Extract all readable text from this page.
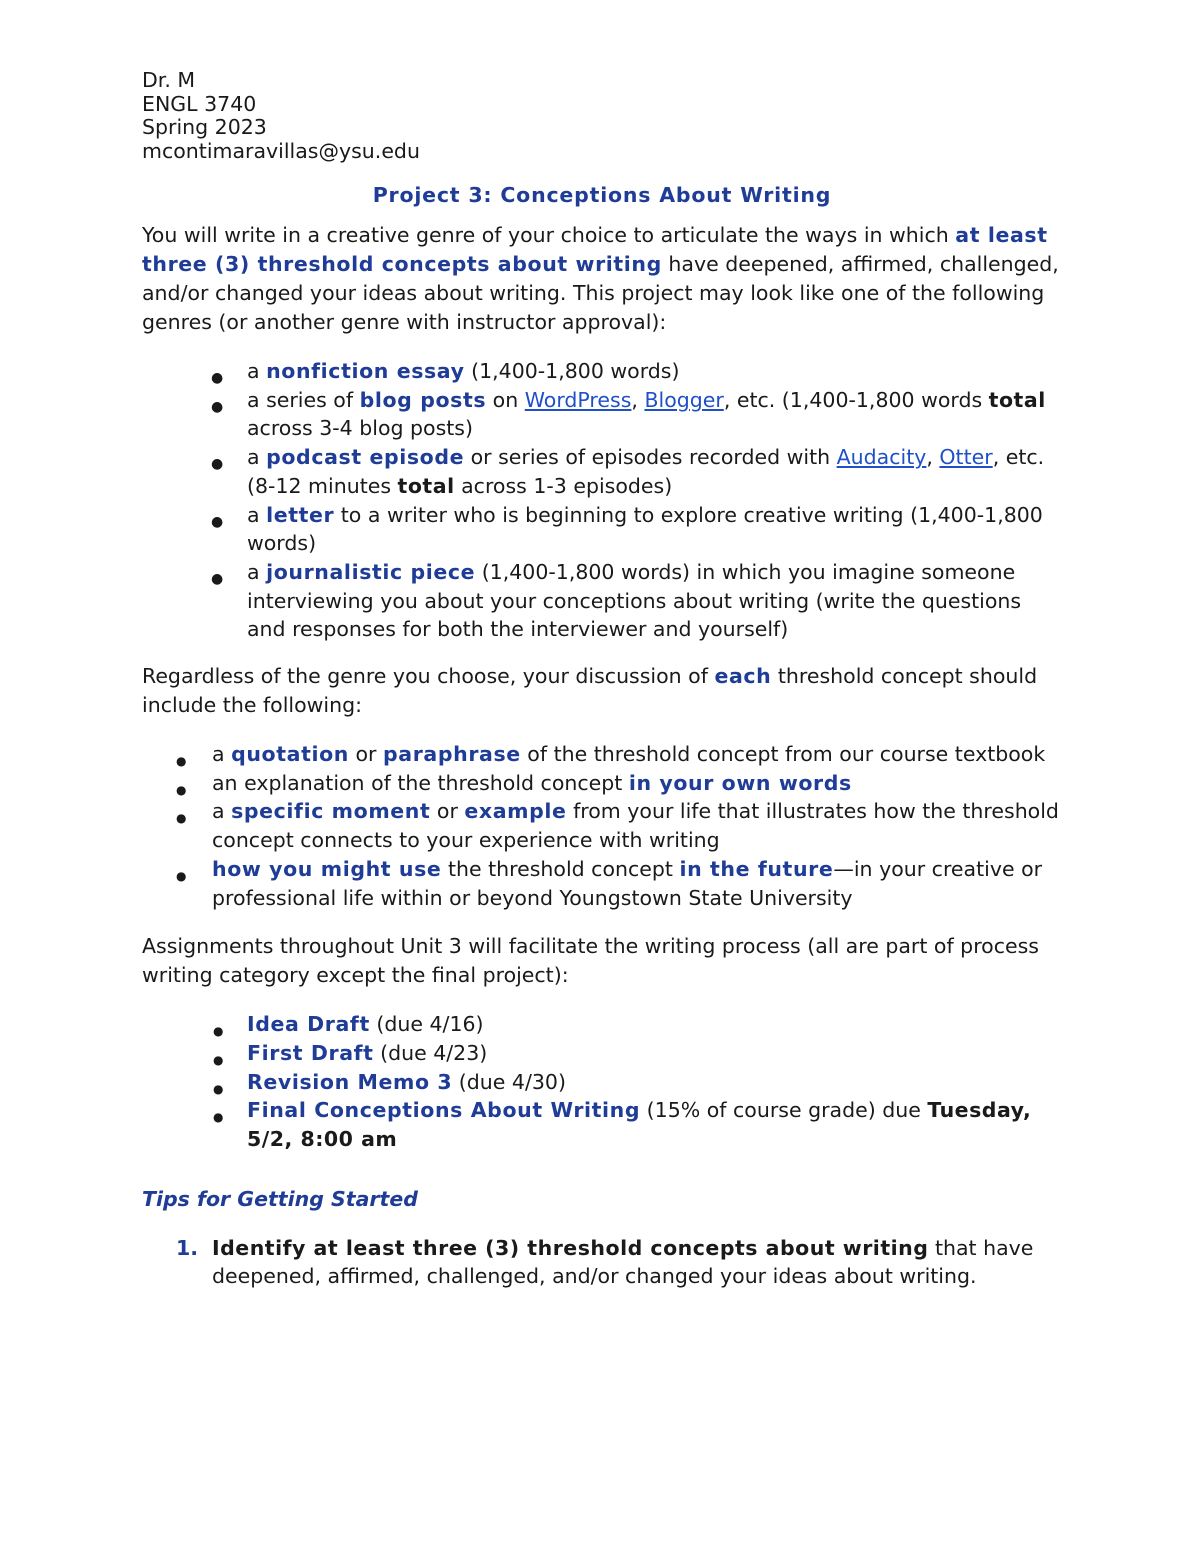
Dr. M
ENGL 3740
Spring 2023
mcontimaravillas@ysu.edu
Project 3: Conceptions About Writing

You will write in a creative genre of your choice to articulate the ways in which at least three (3) threshold concepts about writing have deepened, affirmed, challenged, and/or changed your ideas about writing. This project may look like one of the following genres (or another genre with instructor approval):

● a nonfiction essay (1,400-1,800 words)
● a series of blog posts on WordPress, Blogger, etc. (1,400-1,800 words total across 3-4 blog posts)
● a podcast episode or series of episodes recorded with Audacity, Otter, etc. (8-12 minutes total across 1-3 episodes)
● a letter to a writer who is beginning to explore creative writing (1,400-1,800 words)
● a journalistic piece (1,400-1,800 words) in which you imagine someone interviewing you about your conceptions about writing (write the questions and responses for both the interviewer and yourself)

Regardless of the genre you choose, your discussion of each threshold concept should include the following:

● a quotation or paraphrase of the threshold concept from our course textbook
● an explanation of the threshold concept in your own words
● a specific moment or example from your life that illustrates how the threshold concept connects to your experience with writing
● how you might use the threshold concept in the future—in your creative or professional life within or beyond Youngstown State University

Assignments throughout Unit 3 will facilitate the writing process (all are part of process writing category except the final project):

● Idea Draft (due 4/16)
● First Draft (due 4/23)
● Revision Memo 3 (due 4/30)
● Final Conceptions About Writing (15% of course grade) due Tuesday, 5/2, 8:00 am
Tips for Getting Started
1. Identify at least three (3) threshold concepts about writing that have deepened, affirmed, challenged, and/or changed your ideas about writing.
